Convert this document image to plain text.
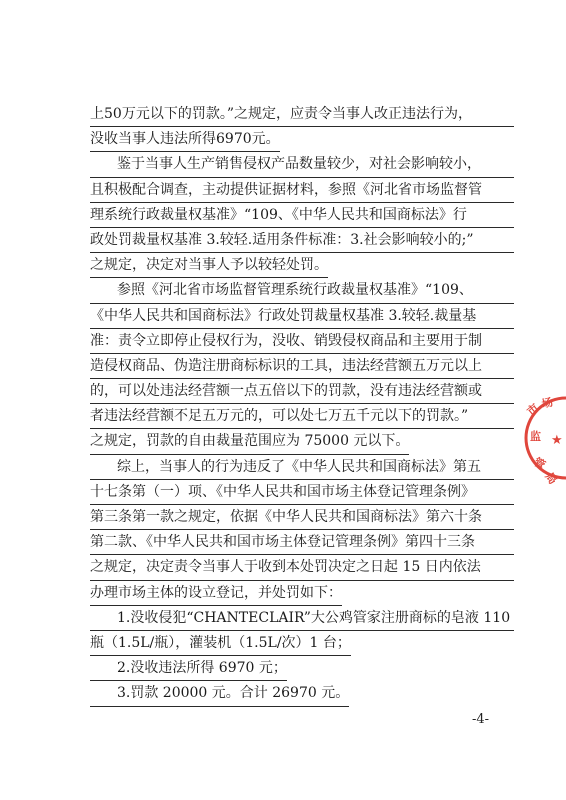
上50万元以下的罚款。”之规定，应责令当事人改正违法行为，
没收当事人违法所得6970元。
鉴于当事人生产销售侵权产品数量较少，对社会影响较小，
且积极配合调查，主动提供证据材料，参照《河北省市场监督管
理系统行政裁量权基准》“109、《中华人民共和国商标法》行
政处罚裁量权基准 3.较轻.适用条件标准：3.社会影响较小的;”
之规定，决定对当事人予以较轻处罚。
参照《河北省市场监督管理系统行政裁量权基准》“109、
《中华人民共和国商标法》行政处罚裁量权基准 3.较轻.裁量基
准：责令立即停止侵权行为，没收、销毁侵权商品和主要用于制
造侵权商品、伪造注册商标标识的工具，违法经营额五万元以上
的，可以处违法经营额一点五倍以下的罚款，没有违法经营额或
者违法经营额不足五万元的，可以处七万五千元以下的罚款。”
之规定，罚款的自由裁量范围应为 75000 元以下。
综上，当事人的行为违反了《中华人民共和国商标法》第五
十七条第（一）项、《中华人民共和国市场主体登记管理条例》
第三条第一款之规定，依据《中华人民共和国商标法》第六十条
第二款、《中华人民共和国市场主体登记管理条例》第四十三条
之规定，决定责令当事人于收到本处罚决定之日起 15 日内依法
办理市场主体的设立登记，并处罚如下：
1.没收侵犯“CHANTECLAIR”大公鸡管家注册商标的皂液 110
瓶（1.5L/瓶），灌装机（1.5L/次）1 台； 2.没收违法所得 6970 元；
3.罚款 20000 元。合计 26970 元。
-4-
市 场
监
管
局
★
